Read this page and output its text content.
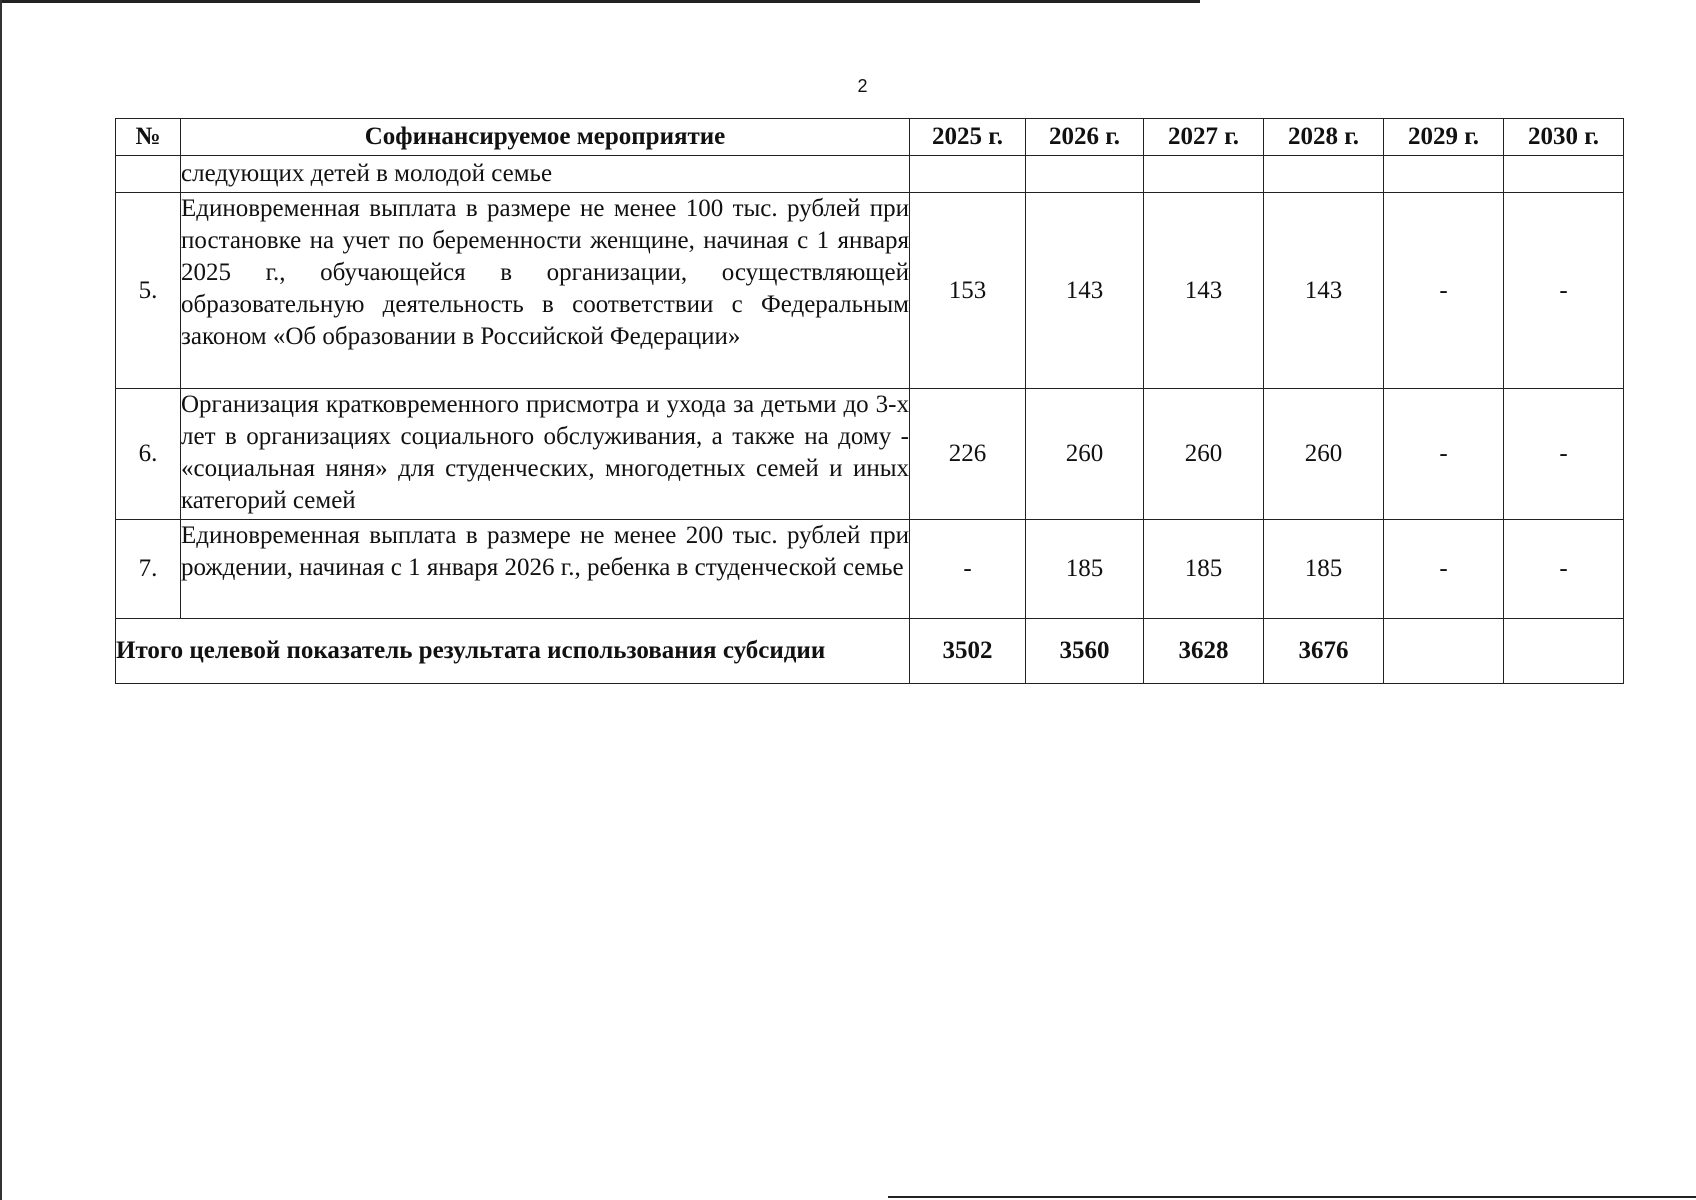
2
№	Софинансируемое мероприятие	2025 г.	2026 г.	2027 г.	2028 г.	2029 г.	2030 г.
	следующих детей в молодой семье						
5.	Единовременная выплата в размере не менее 100 тыс. рублей при постановке на учет по беременности женщине, начиная с 1 января 2025 г., обучающейся в организации, осуществляющей образовательную деятельность в соответствии с Федеральным законом «Об образовании в Российской Федерации»	153	143	143	143	-	-
6.	Организация кратковременного присмотра и ухода за детьми до 3-х лет в организациях социального обслуживания, а также на дому - «социальная няня» для студенческих, многодетных семей и иных категорий семей	226	260	260	260	-	-
7.	Единовременная выплата в размере не менее 200 тыс. рублей при рождении, начиная с 1 января 2026 г., ребенка в студенческой семье	-	185	185	185	-	-
Итого целевой показатель результата использования субсидии		3502	3560	3628	3676		
